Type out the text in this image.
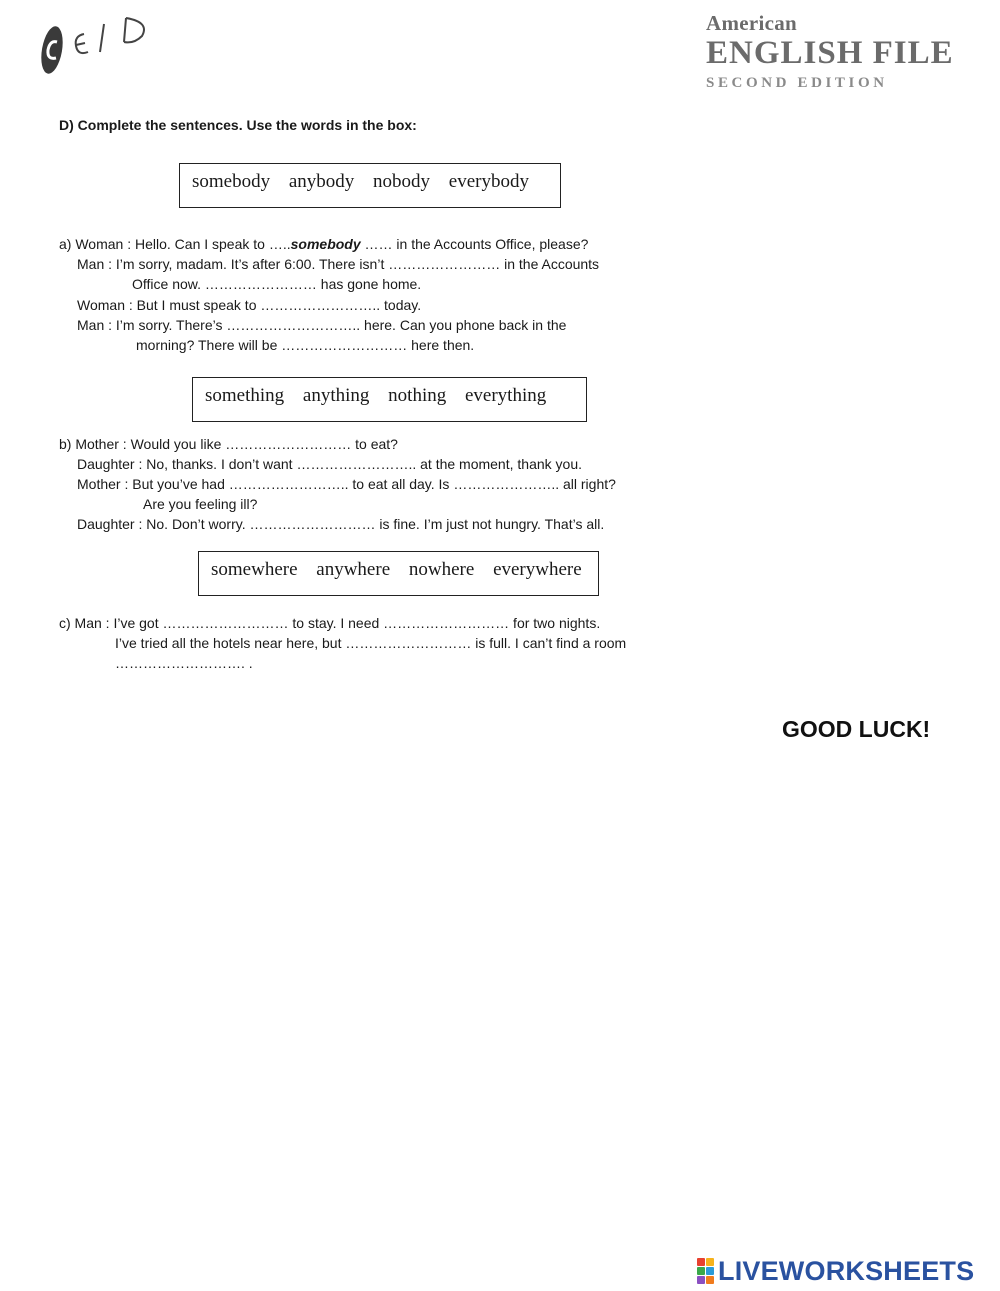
American
ENGLISH FILE
SECOND EDITION
D) Complete the sentences. Use the words in the box:
somebody anybody nobody everybody
a) Woman : Hello. Can I speak to …..somebody …… in the Accounts Office, please?
Man : I’m sorry, madam. It’s after 6:00. There isn’t …………………… in the Accounts
Office now. …………………… has gone home.
Woman : But I must speak to …………………….. today.
Man : I’m sorry. There’s ……………………….. here. Can you phone back in the
morning? There will be ……………………… here then.
something anything nothing everything
b) Mother : Would you like ……………………… to eat?
Daughter : No, thanks. I don’t want …………………….. at the moment, thank you.
Mother : But you’ve had …………………….. to eat all day. Is ………………….. all right?
Are you feeling ill?
Daughter : No. Don’t worry. ……………………… is fine. I’m just not hungry. That’s all.
somewhere anywhere nowhere everywhere
c) Man : I’ve got ……………………… to stay. I need ……………………… for two nights.
I’ve tried all the hotels near here, but ……………………… is full. I can’t find a room
………………………. .
GOOD LUCK!
LIVEWORKSHEETS
